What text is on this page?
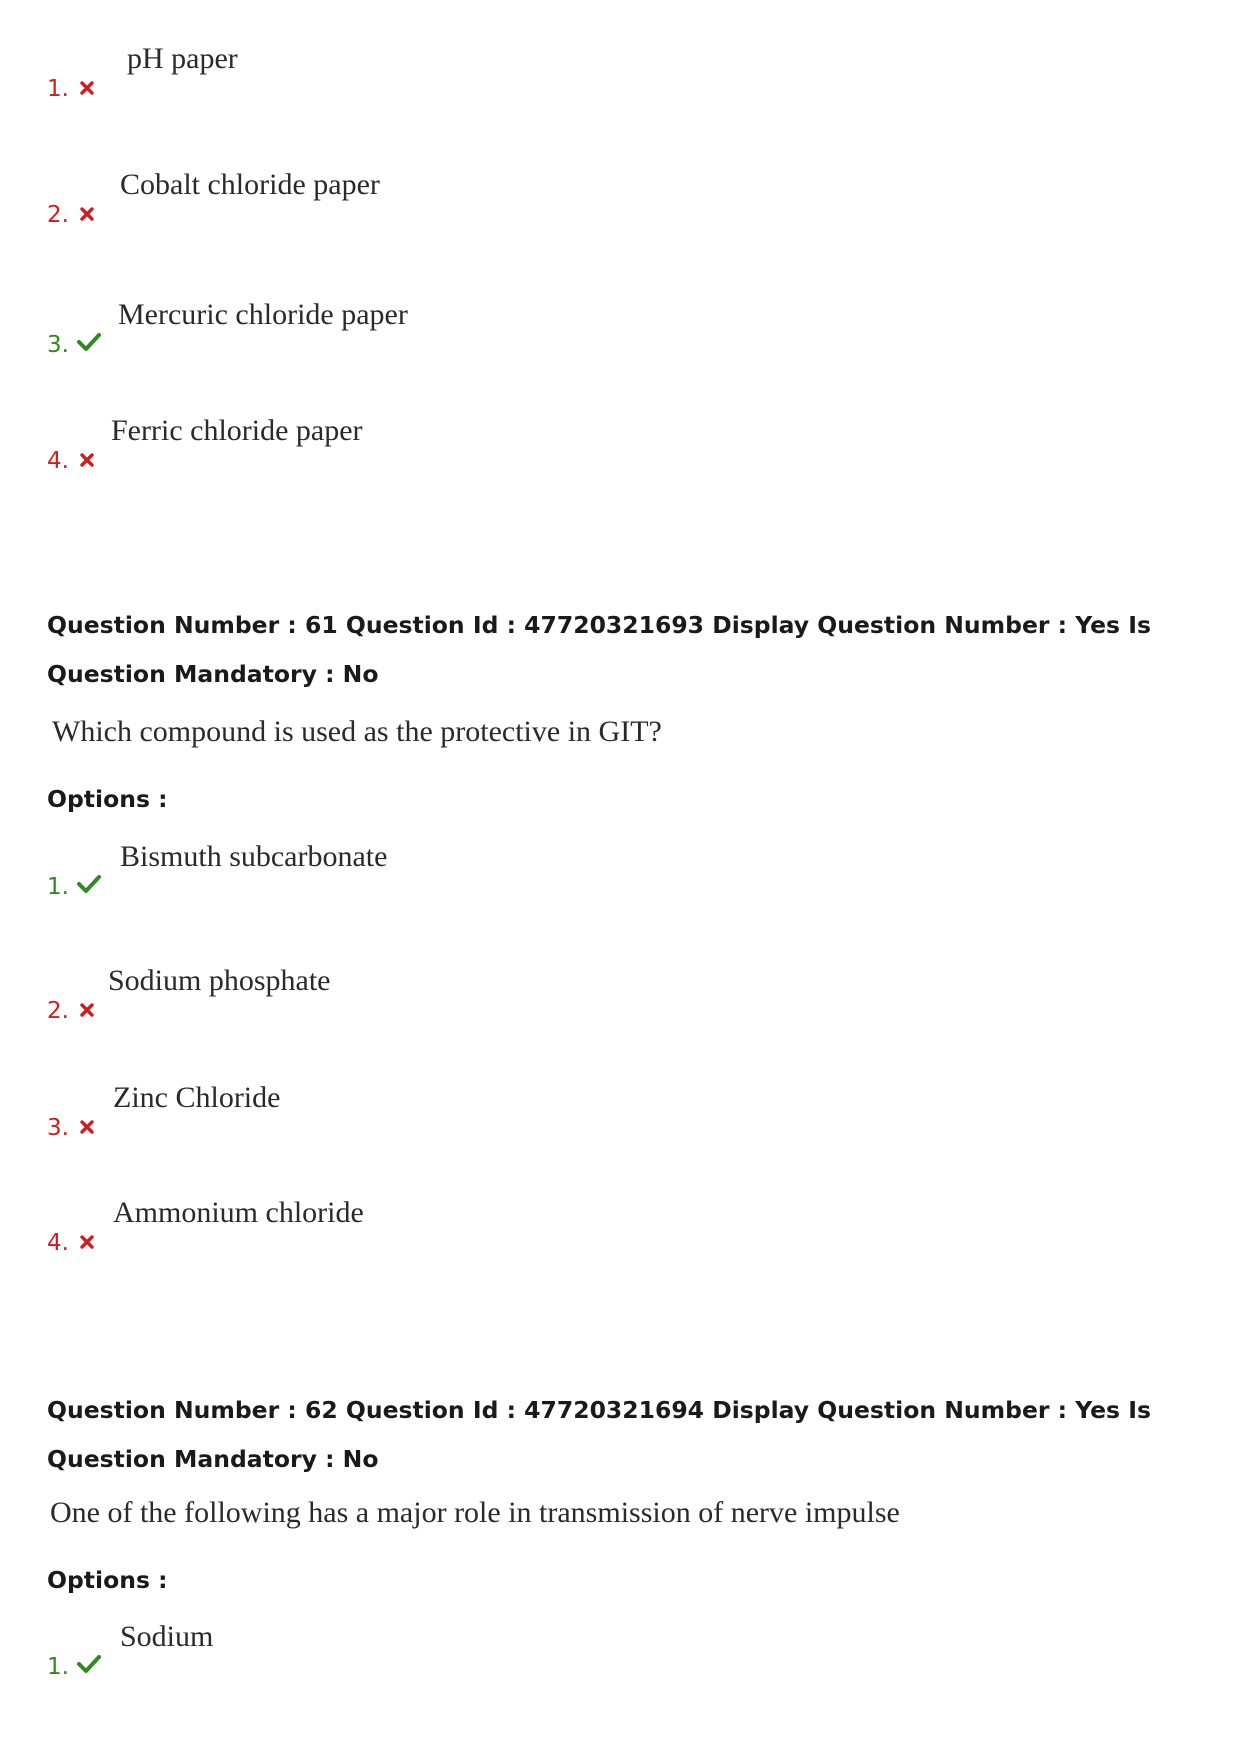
1.
pH paper
2.
Cobalt chloride paper
3.
Mercuric chloride paper
4.
Ferric chloride paper
Question Number : 61 Question Id : 47720321693 Display Question Number : Yes Is Question Mandatory : No
Which compound is used as the protective in GIT?
Options :
1.
Bismuth subcarbonate
2.
Sodium phosphate
3.
Zinc Chloride
4.
Ammonium chloride
Question Number : 62 Question Id : 47720321694 Display Question Number : Yes Is Question Mandatory : No
One of the following has a major role in transmission of nerve impulse
Options :
1.
Sodium
